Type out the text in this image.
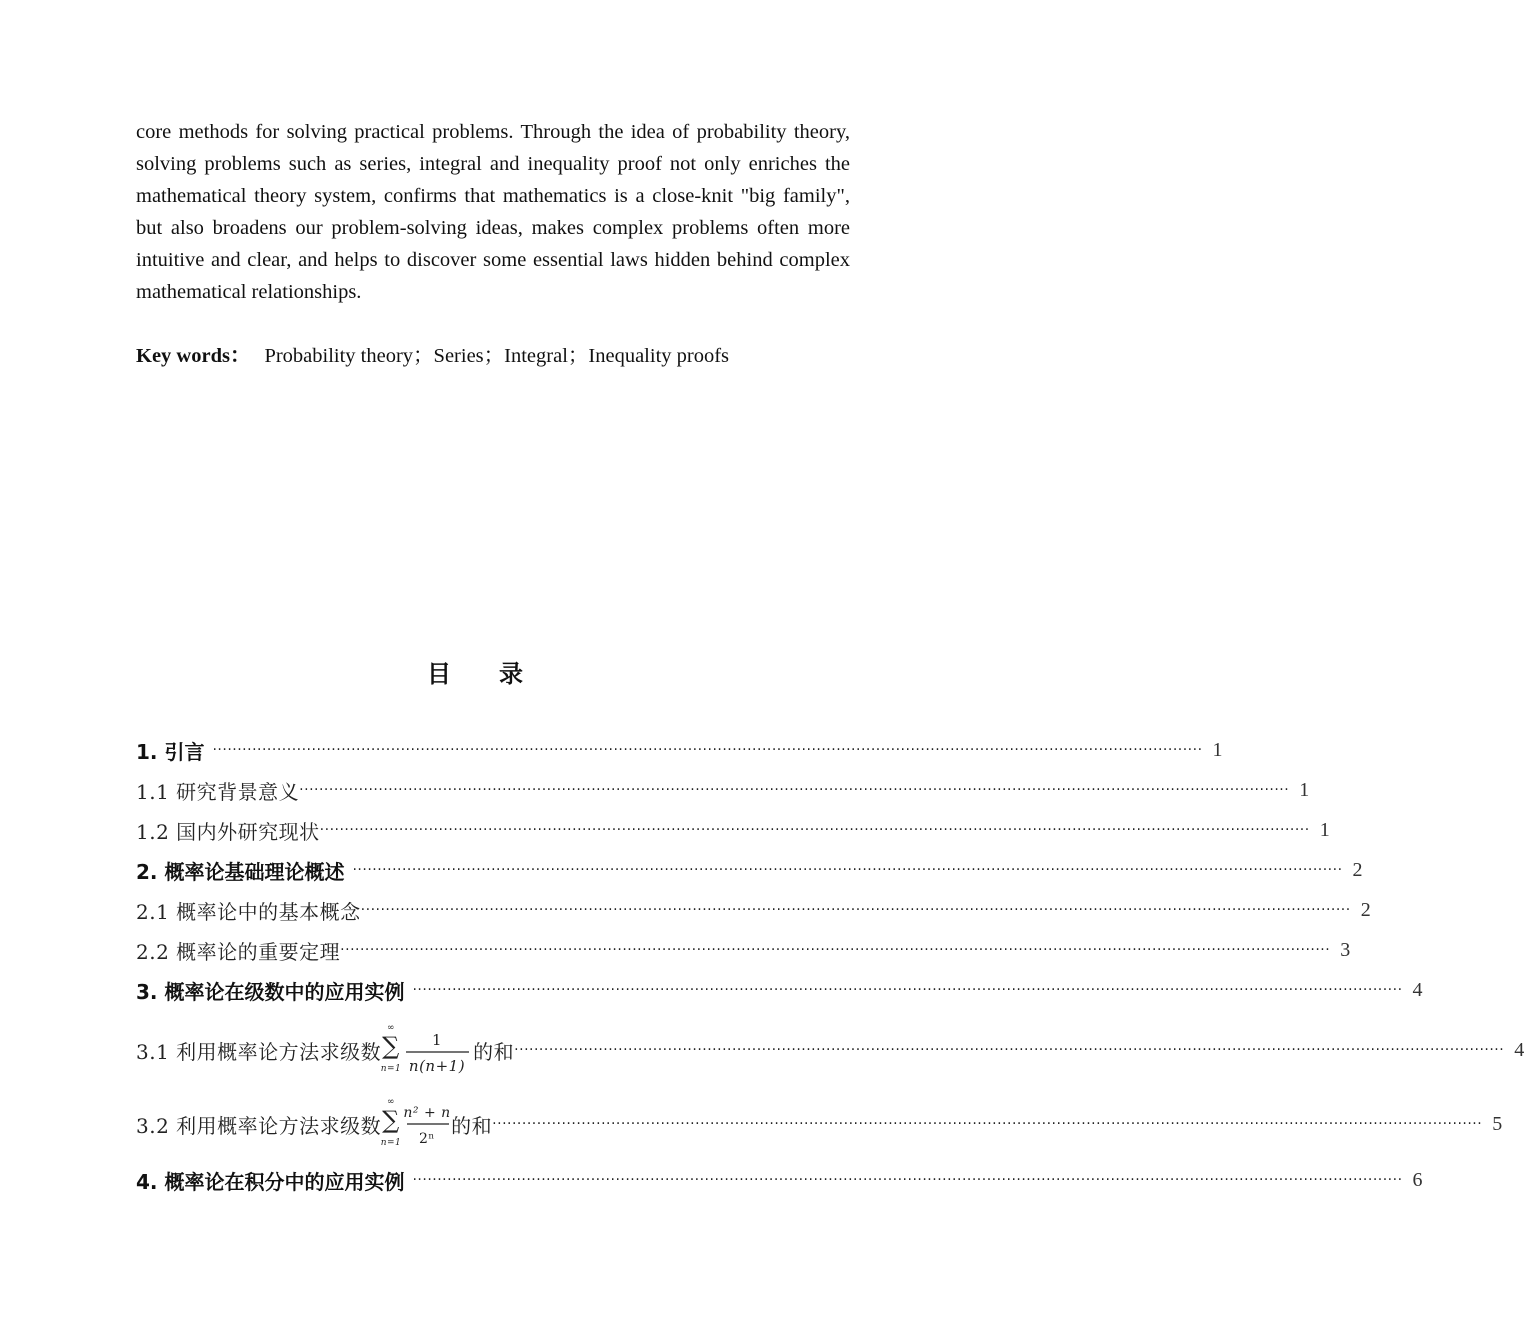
core methods for solving practical problems. Through the idea of probability theory, solving problems such as series, integral and inequality proof not only enriches the mathematical theory system, confirms that mathematics is a close-knit "big family", but also broadens our problem-solving ideas, makes complex problems often more intuitive and clear, and helps to discover some essential laws hidden behind complex mathematical relationships.

Key words： Probability theory；Series；Integral；Inequality proofs
目录
1. 引言 ········································································································································································································ 1
1.1 研究背景意义 ········································································································································································································ 1
1.2 国内外研究现状 ········································································································································································································ 1
2. 概率论基础理论概述 ········································································································································································································ 2
2.1 概率论中的基本概念 ········································································································································································································ 2
2.2 概率论的重要定理 ········································································································································································································ 3
3. 概率论在级数中的应用实例 ········································································································································································································ 4
3.1 利用概率论方法求级数
∞
∑
n=1
1
n(n+1)
的和 ········································································································································································································ 4
3.2 利用概率论方法求级数
∞
∑
n=1
n² + n
2ⁿ
的和 ········································································································································································································ 5
4. 概率论在积分中的应用实例 ········································································································································································································ 6
